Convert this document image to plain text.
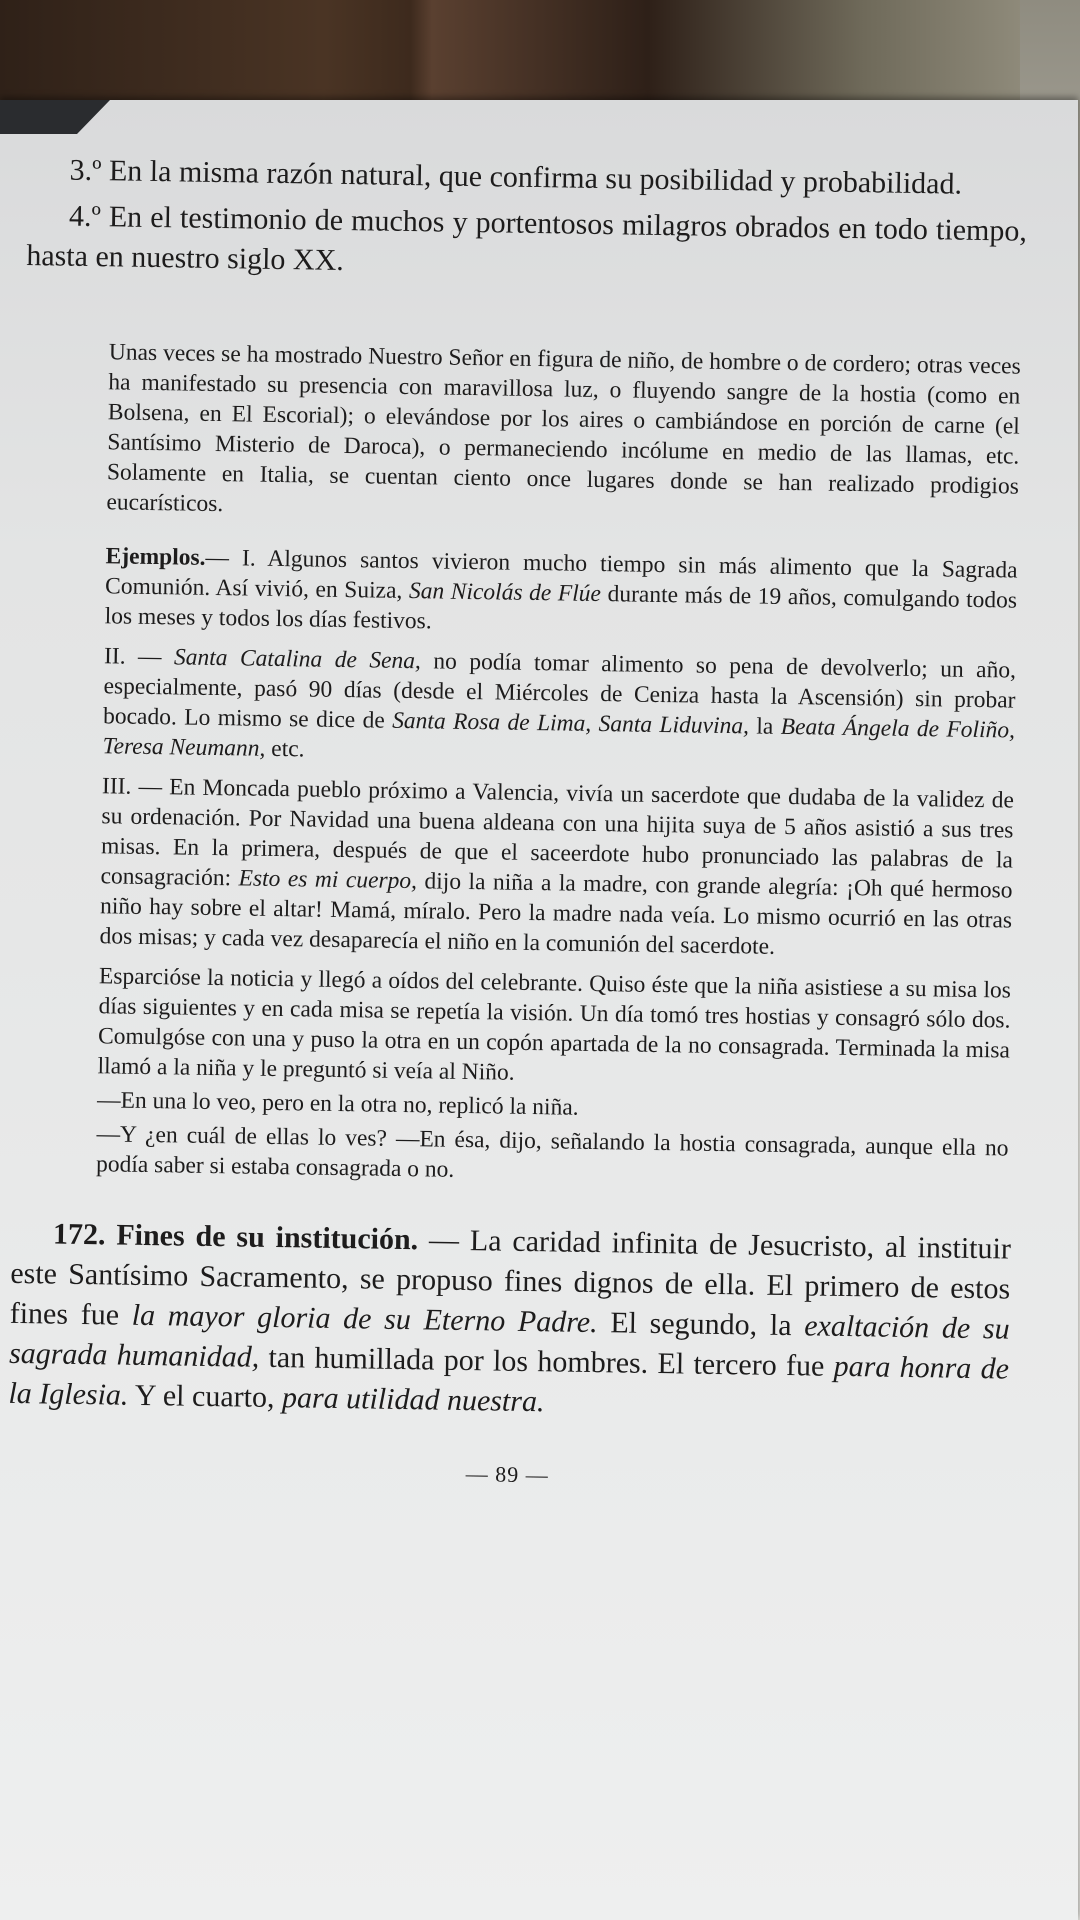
3.º En la misma razón natural, que confirma su posibilidad y probabilidad.

4.º En el testimonio de muchos y portentosos milagros obrados en todo tiempo, hasta en nuestro siglo XX.

Unas veces se ha mostrado Nuestro Señor en figura de niño, de hombre o de cordero; otras veces ha manifestado su presencia con maravillosa luz, o fluyendo sangre de la hostia (como en Bolsena, en El Escorial); o elevándose por los aires o cambiándose en porción de carne (el Santísimo Misterio de Daroca), o permaneciendo incólume en medio de las llamas, etc. Solamente en Italia, se cuentan ciento once lugares donde se han realizado prodigios eucarísticos.

Ejemplos.— I. Algunos santos vivieron mucho tiempo sin más alimento que la Sagrada Comunión. Así vivió, en Suiza, San Nicolás de Flúe durante más de 19 años, comulgando todos los meses y todos los días festivos.

II. — Santa Catalina de Sena, no podía tomar alimento so pena de devolverlo; un año, especialmente, pasó 90 días (desde el Miércoles de Ceniza hasta la Ascensión) sin probar bocado. Lo mismo se dice de Santa Rosa de Lima, Santa Liduvina, la Beata Ángela de Foliño, Teresa Neumann, etc.

III. — En Moncada pueblo próximo a Valencia, vivía un sacerdote que dudaba de la validez de su ordenación. Por Navidad una buena aldeana con una hijita suya de 5 años asistió a sus tres misas. En la primera, después de que el saceerdote hubo pronunciado las palabras de la consagración: Esto es mi cuerpo, dijo la niña a la madre, con grande alegría: ¡Oh qué hermoso niño hay sobre el altar! Mamá, míralo. Pero la madre nada veía. Lo mismo ocurrió en las otras dos misas; y cada vez desaparecía el niño en la comunión del sacerdote.

Esparcióse la noticia y llegó a oídos del celebrante. Quiso éste que la niña asistiese a su misa los días siguientes y en cada misa se repetía la visión. Un día tomó tres hostias y consagró sólo dos. Comulgóse con una y puso la otra en un copón apartada de la no consagrada. Terminada la misa llamó a la niña y le preguntó si veía al Niño.

—En una lo veo, pero en la otra no, replicó la niña.

—Y ¿en cuál de ellas lo ves? —En ésa, dijo, señalando la hostia consagrada, aunque ella no podía saber si estaba consagrada o no.

172. Fines de su institución. — La caridad infinita de Jesucristo, al instituir este Santísimo Sacramento, se propuso fines dignos de ella. El primero de estos fines fue la mayor gloria de su Eterno Padre. El segundo, la exaltación de su sagrada humanidad, tan humillada por los hombres. El tercero fue para honra de la Iglesia. Y el cuarto, para utilidad nuestra.

— 89 —
